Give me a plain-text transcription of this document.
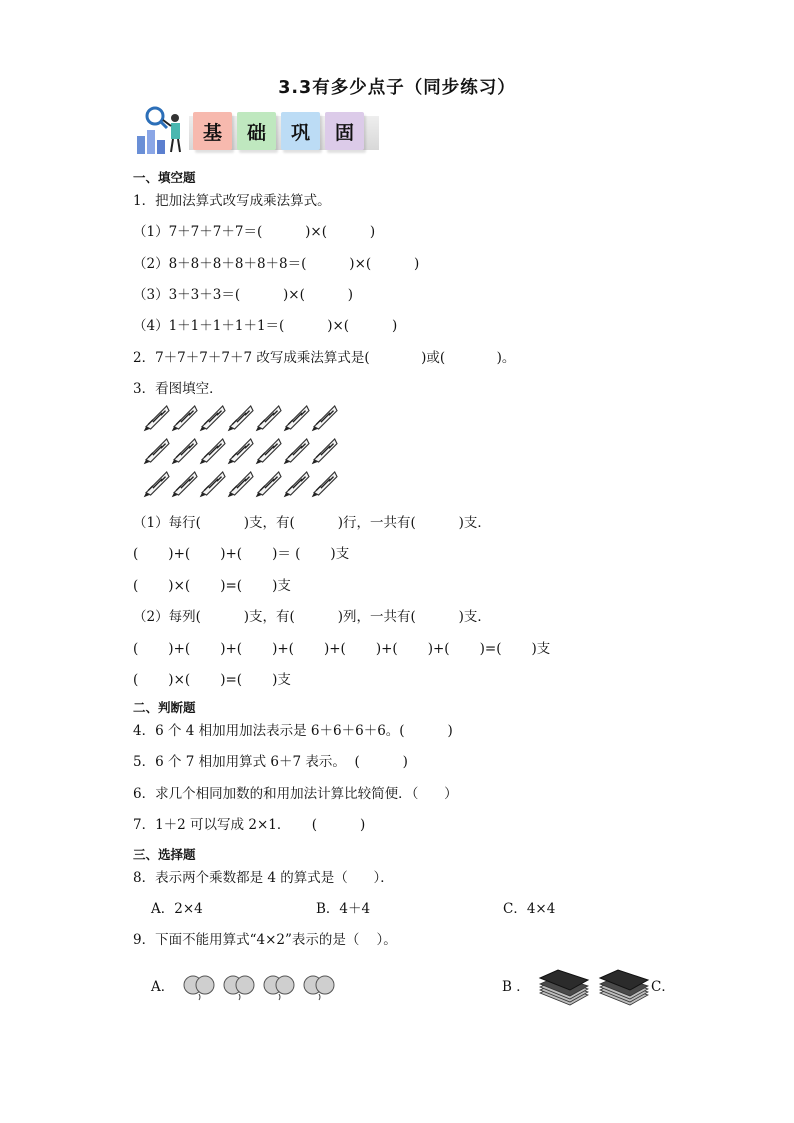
3.3有多少点子（同步练习）
基	础	巩	固
一、填空题
1．把加法算式改写成乘法算式。
（1）7＋7＋7＋7＝(          )×(          )
（2）8＋8＋8＋8＋8＋8＝(          )×(          )
（3）3＋3＋3＝(          )×(          )
（4）1＋1＋1＋1＋1＝(          )×(          )
2．7＋7＋7＋7＋7 改写成乘法算式是(            )或(            )。
3．看图填空．
（1）每行(          )支，有(          )行，一共有(          )支．
(       )+(       )+(       )＝ (       )支
(       )×(       )=(       )支
（2）每列(          )支，有(          )列，一共有(          )支．
(       )+(       )+(       )+(       )+(       )+(       )+(       )=(       )支
(       )×(       )=(       )支
二、判断题
4．6 个 4 相加用加法表示是 6＋6＋6＋6。(          )
5．6 个 7 相加用算式 6＋7 表示。  (          )
6．求几个相同加数的和用加法计算比较简便．（      ）
7．1＋2 可以写成 2×1．     (          )
三、选择题
8．表示两个乘数都是 4 的算式是（      ）．
A．2×4	B．4＋4	C．4×4
9．下面不能用算式“4×2”表示的是（    ）。
A．	B ．	C．
